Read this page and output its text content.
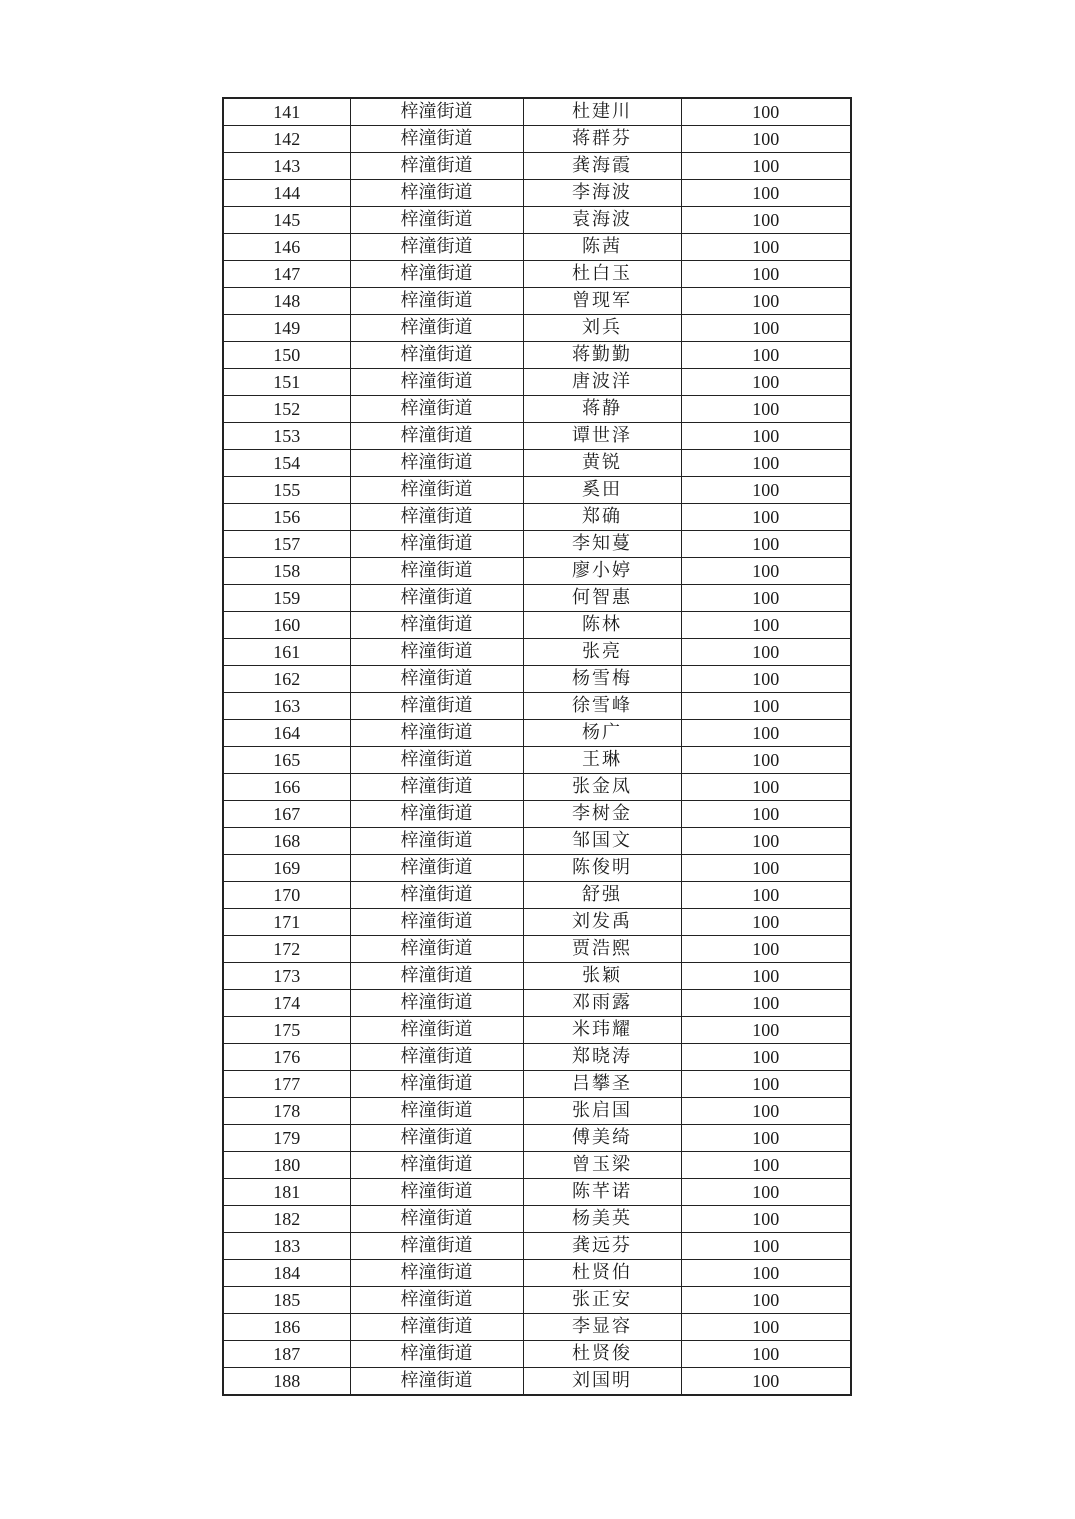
141	梓潼街道	杜建川	100
142	梓潼街道	蒋群芬	100
143	梓潼街道	龚海霞	100
144	梓潼街道	李海波	100
145	梓潼街道	袁海波	100
146	梓潼街道	陈茜	100
147	梓潼街道	杜白玉	100
148	梓潼街道	曾现军	100
149	梓潼街道	刘兵	100
150	梓潼街道	蒋勤勤	100
151	梓潼街道	唐波洋	100
152	梓潼街道	蒋静	100
153	梓潼街道	谭世泽	100
154	梓潼街道	黄锐	100
155	梓潼街道	奚田	100
156	梓潼街道	郑确	100
157	梓潼街道	李知蔓	100
158	梓潼街道	廖小婷	100
159	梓潼街道	何智惠	100
160	梓潼街道	陈林	100
161	梓潼街道	张亮	100
162	梓潼街道	杨雪梅	100
163	梓潼街道	徐雪峰	100
164	梓潼街道	杨广	100
165	梓潼街道	王琳	100
166	梓潼街道	张金凤	100
167	梓潼街道	李树金	100
168	梓潼街道	邹国文	100
169	梓潼街道	陈俊明	100
170	梓潼街道	舒强	100
171	梓潼街道	刘发禹	100
172	梓潼街道	贾浩熙	100
173	梓潼街道	张颖	100
174	梓潼街道	邓雨露	100
175	梓潼街道	米玮耀	100
176	梓潼街道	郑晓涛	100
177	梓潼街道	吕攀圣	100
178	梓潼街道	张启国	100
179	梓潼街道	傅美绮	100
180	梓潼街道	曾玉梁	100
181	梓潼街道	陈芊诺	100
182	梓潼街道	杨美英	100
183	梓潼街道	龚远芬	100
184	梓潼街道	杜贤伯	100
185	梓潼街道	张正安	100
186	梓潼街道	李显容	100
187	梓潼街道	杜贤俊	100
188	梓潼街道	刘国明	100
